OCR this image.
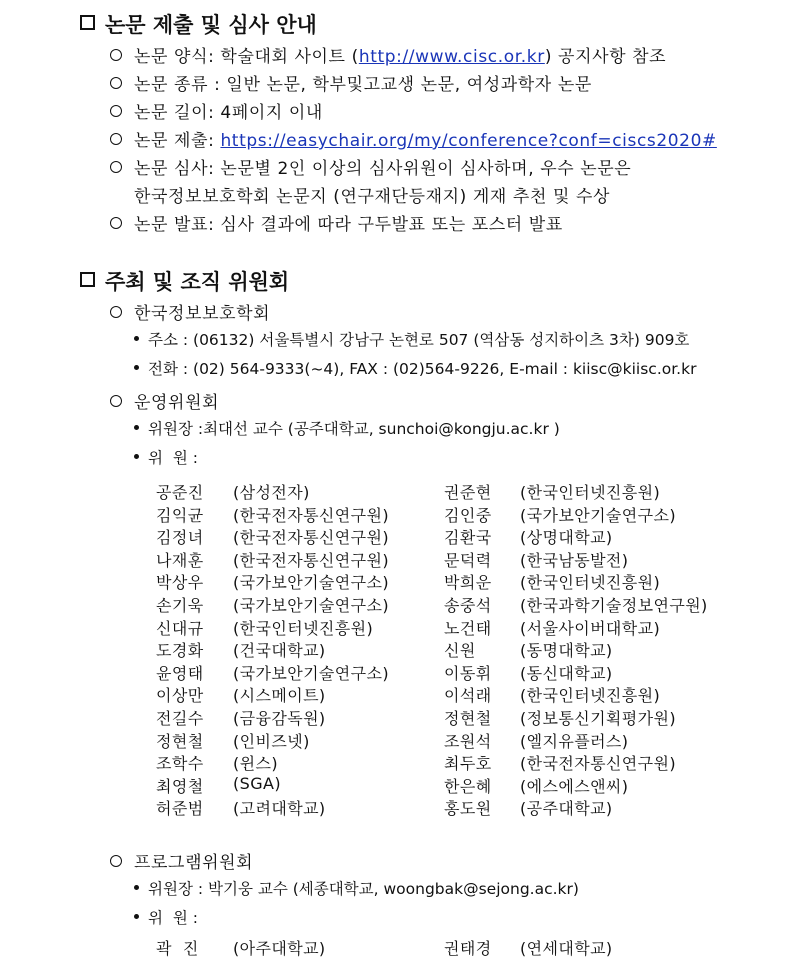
논문 제출 및 심사 안내
논문 양식: 학술대회 사이트 (http://www.cisc.or.kr) 공지사항 참조
논문 종류 : 일반 논문, 학부및고교생 논문, 여성과학자 논문
논문 길이: 4페이지 이내
논문 제출: https://easychair.org/my/conference?conf=ciscs2020#
논문 심사: 논문별 2인 이상의 심사위원이 심사하며, 우수 논문은
한국정보보호학회 논문지 (연구재단등재지) 게재 추천 및 수상
논문 발표: 심사 결과에 따라 구두발표 또는 포스터 발표
주최 및 조직 위원회
한국정보보호학회
주소 : (06132) 서울특별시 강남구 논현로 507 (역삼동 성지하이츠 3차) 909호
전화 : (02) 564-9333(~4), FAX : (02)564-9226, E-mail : kiisc@kiisc.or.kr
운영위원회
위원장 :최대선 교수 (공주대학교, sunchoi@kongju.ac.kr )
위  원 :
공준진 (삼성전자)	권준현 (한국인터넷진흥원)
김익균 (한국전자통신연구원)	김인중 (국가보안기술연구소)
김정녀 (한국전자통신연구원)	김환국 (상명대학교)
나재훈 (한국전자통신연구원)	문덕력 (한국남동발전)
박상우 (국가보안기술연구소)	박희운 (한국인터넷진흥원)
손기욱 (국가보안기술연구소)	송중석 (한국과학기술정보연구원)
신대규 (한국인터넷진흥원)	노건태 (서울사이버대학교)
도경화 (건국대학교)	신원	(동명대학교)
윤영태 (국가보안기술연구소)	이동휘 (동신대학교)
이상만 (시스메이트)	이석래 (한국인터넷진흥원)
전길수 (금융감독원)	정현철 (정보통신기획평가원)
정현철 (인비즈넷)	조원석 (엘지유플러스)
조학수 (윈스)	최두호 (한국전자통신연구원)
최영철 (SGA)	한은혜 (에스에스앤씨)
허준범 (고려대학교)	홍도원 (공주대학교)
프로그램위원회
위원장 : 박기웅 교수 (세종대학교, woongbak@sejong.ac.kr)
위  원 :
곽  진 (아주대학교)	권태경 (연세대학교)
